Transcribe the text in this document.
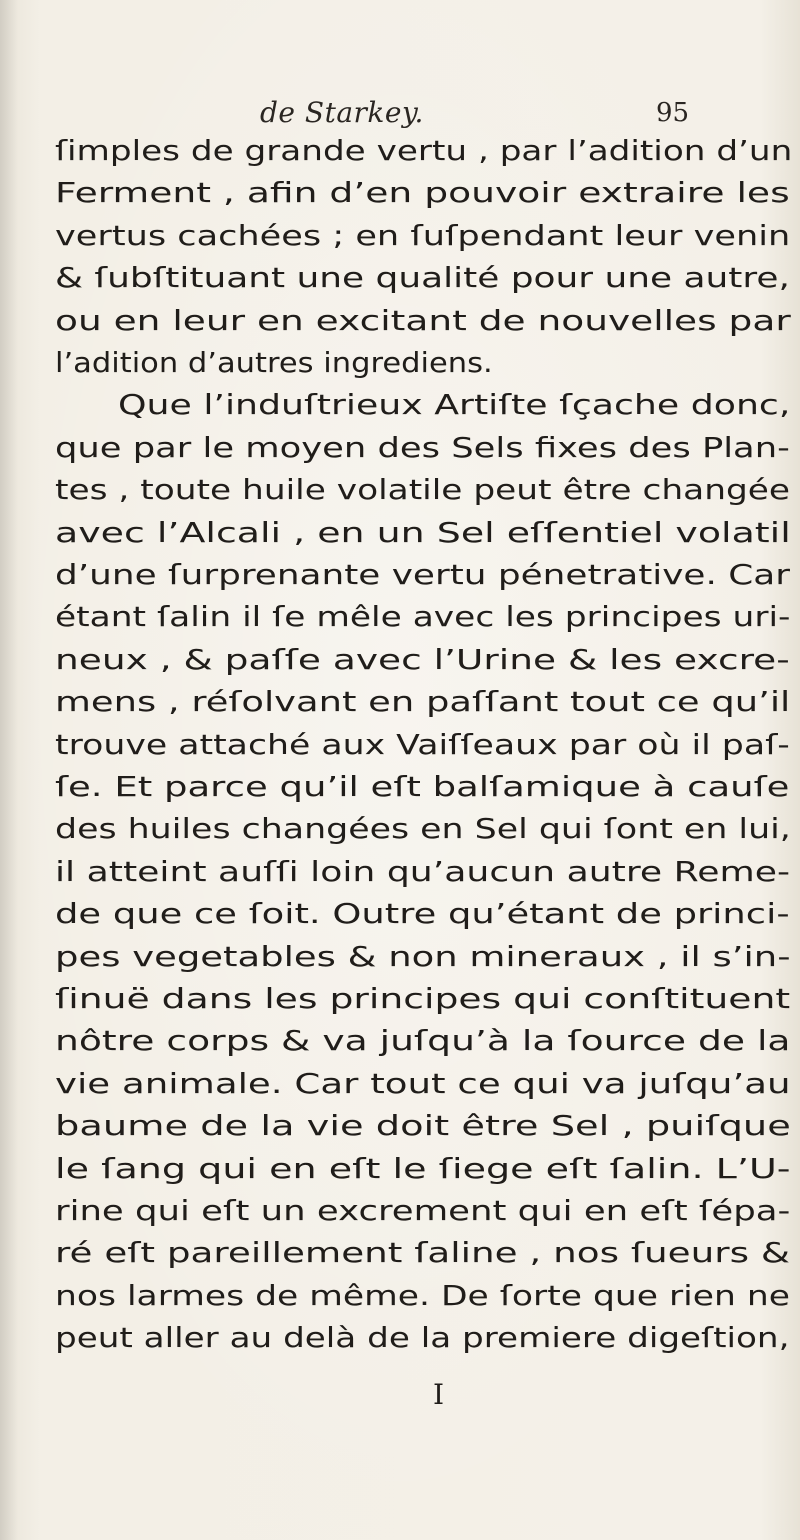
de Starkey.	95
ſimples de grande vertu , par l’adition d’un
Ferment , afin d’en pouvoir extraire les
vertus cachées ; en ſuſpendant leur venin
& ſubſtituant une qualité pour une autre,
ou en leur en excitant de nouvelles par
l’adition d’autres ingrediens.
Que l’induſtrieux Artiſte ſçache donc,
que par le moyen des Sels fixes des Plan-
tes , toute huile volatile peut être changée
avec l’Alcali , en un Sel eſſentiel volatil
d’une ſurprenante vertu pénetrative. Car
étant ſalin il ſe mêle avec les principes uri-
neux , & paſſe avec l’Urine & les excre-
mens , réſolvant en paſſant tout ce qu’il
trouve attaché aux Vaiſſeaux par où il paſ-
ſe. Et parce qu’il eſt balſamique à cauſe
des huiles changées en Sel qui ſont en lui,
il atteint auſſi loin qu’aucun autre Reme-
de que ce ſoit. Outre qu’étant de princi-
pes vegetables & non mineraux , il s’in-
ſinuë dans les principes qui conſtituent
nôtre corps & va juſqu’à la ſource de la
vie animale. Car tout ce qui va juſqu’au
baume de la vie doit être Sel , puiſque
le ſang qui en eſt le ſiege eſt ſalin. L’U-
rine qui eſt un excrement qui en eſt ſépa-
ré eſt pareillement ſaline , nos ſueurs &
nos larmes de même. De ſorte que rien ne
peut aller au delà de la premiere digeſtion,
I
